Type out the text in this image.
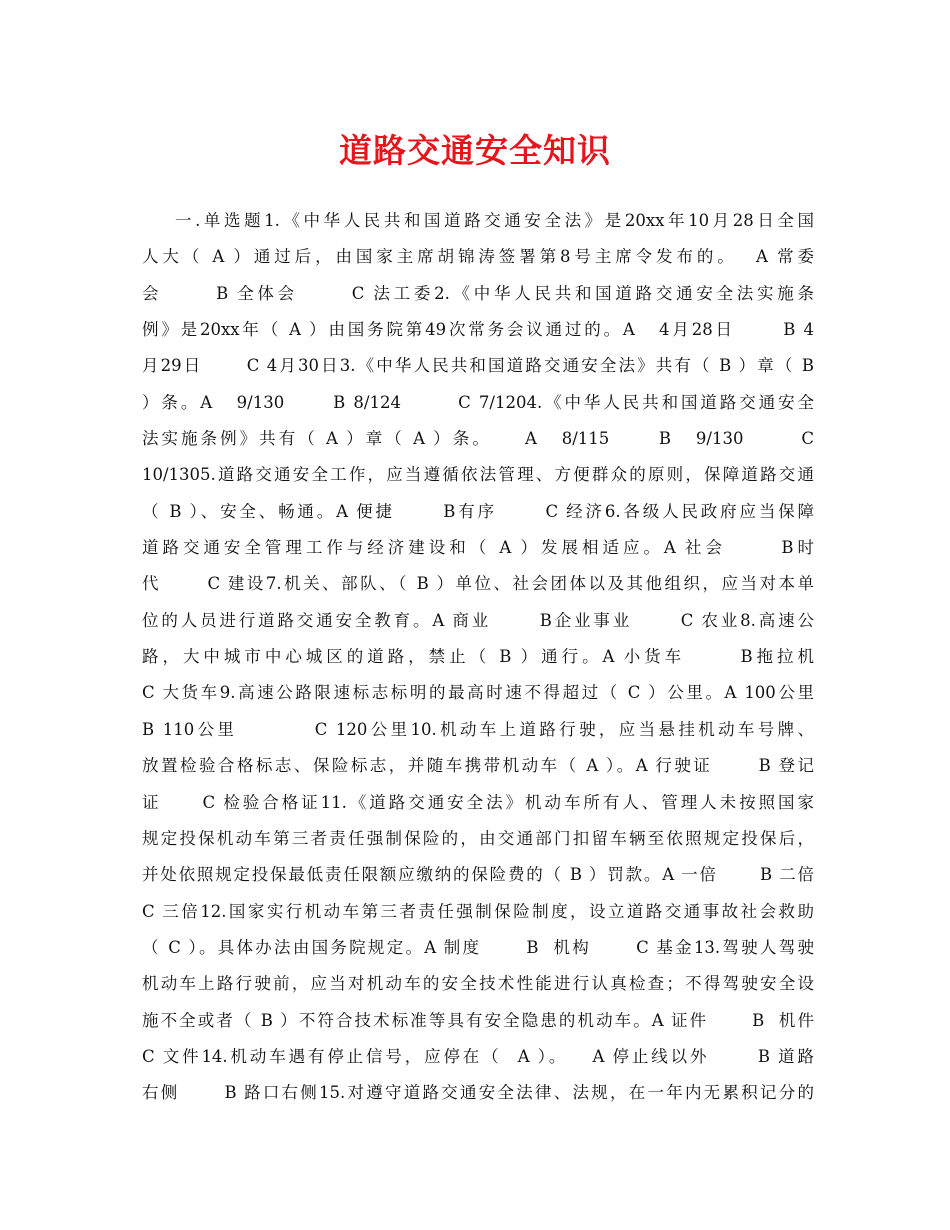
道路交通安全知识
一.单选题1.《中华人民共和国道路交通安全法》是20xx年10月28日全国
人大（ A ）通过后，由国家主席胡锦涛签署第8号主席令发布的。  A 常委
会      B 全体会      C 法工委2.《中华人民共和国道路交通安全法实施条
例》是20xx年（ A ）由国务院第49次常务会议通过的。A   4月28日      B 4
月29日      C 4月30日3.《中华人民共和国道路交通安全法》共有（ B ）章（ B
）条。A   9/130      B 8/124       C 7/1204.《中华人民共和国道路交通安全
法实施条例》共有（ A ）章（ A ）条。    A   8/115      B   9/130       C
10/1305.道路交通安全工作，应当遵循依法管理、方便群众的原则，保障道路交通
（ B ）、安全、畅通。A 便捷      B有序      C 经济6.各级人民政府应当保障
道路交通安全管理工作与经济建设和（ A ）发展相适应。A 社会      B时
代      C 建设7.机关、部队、（ B ）单位、社会团体以及其他组织，应当对本单
位的人员进行道路交通安全教育。A 商业      B企业事业      C 农业8.高速公
路，大中城市中心城区的道路，禁止（ B ）通行。A 小货车      B拖拉机
C 大货车9.高速公路限速标志标明的最高时速不得超过（ C ）公里。A 100公里
B 110公里         C 120公里10.机动车上道路行驶，应当悬挂机动车号牌、
放置检验合格标志、保险标志，并随车携带机动车（ A ）。A 行驶证      B 登记
证     C 检验合格证11.《道路交通安全法》机动车所有人、管理人未按照国家
规定投保机动车第三者责任强制保险的，由交通部门扣留车辆至依照规定投保后，
并处依照规定投保最低责任限额应缴纳的保险费的（ B ）罚款。A 一倍      B 二倍
C 三倍12.国家实行机动车第三者责任强制保险制度，设立道路交通事故社会救助
（ C ）。具体办法由国务院规定。A 制度      B  机构      C 基金13.驾驶人驾驶
机动车上路行驶前，应当对机动车的安全技术性能进行认真检查；不得驾驶安全设
施不全或者（ B ）不符合技术标准等具有安全隐患的机动车。A 证件      B  机件
C 文件14.机动车遇有停止信号，应停在（  A ）。   A 停止线以外      B 道路
右侧      B 路口右侧15.对遵守道路交通安全法律、法规，在一年内无累积记分的
